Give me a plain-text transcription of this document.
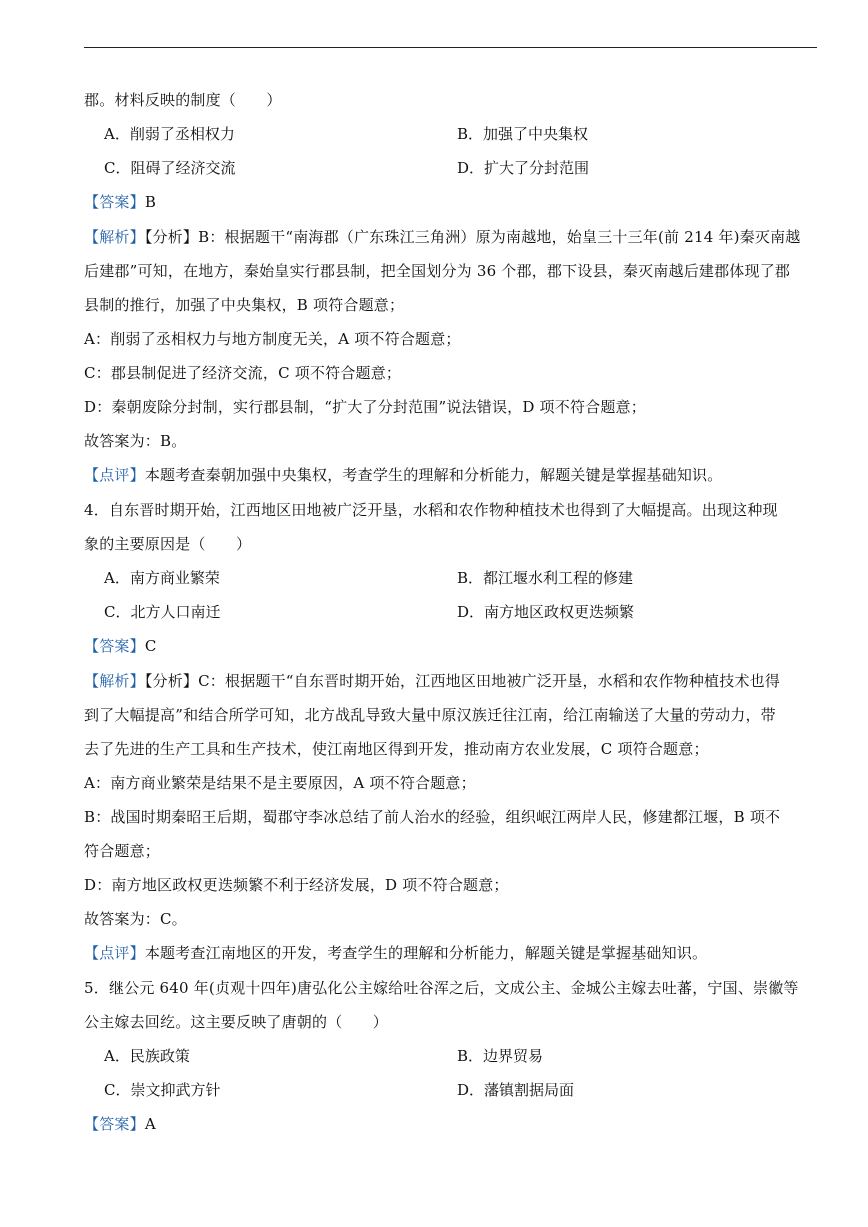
郡。材料反映的制度（　　）
A．削弱了丞相权力	B．加强了中央集权
C．阻碍了经济交流	D．扩大了分封范围
【答案】B
【解析】【分析】B：根据题干“南海郡（广东珠江三角洲）原为南越地，始皇三十三年(前 214 年)秦灭南越
后建郡”可知，在地方，秦始皇实行郡县制，把全国划分为 36 个郡，郡下设县，秦灭南越后建郡体现了郡
县制的推行，加强了中央集权，B 项符合题意；
A：削弱了丞相权力与地方制度无关，A 项不符合题意；
C：郡县制促进了经济交流，C 项不符合题意；
D：秦朝废除分封制，实行郡县制，“扩大了分封范围”说法错误，D 项不符合题意；
故答案为：B。
【点评】本题考查秦朝加强中央集权，考查学生的理解和分析能力，解题关键是掌握基础知识。
4．自东晋时期开始，江西地区田地被广泛开垦，水稻和农作物种植技术也得到了大幅提高。出现这种现
象的主要原因是（　　）
A．南方商业繁荣	B．都江堰水利工程的修建
C．北方人口南迁	D．南方地区政权更迭频繁
【答案】C
【解析】【分析】C：根据题干“自东晋时期开始，江西地区田地被广泛开垦，水稻和农作物种植技术也得
到了大幅提高”和结合所学可知，北方战乱导致大量中原汉族迁往江南，给江南输送了大量的劳动力，带
去了先进的生产工具和生产技术，使江南地区得到开发，推动南方农业发展，C 项符合题意；
A：南方商业繁荣是结果不是主要原因，A 项不符合题意；
B：战国时期秦昭王后期，蜀郡守李冰总结了前人治水的经验，组织岷江两岸人民，修建都江堰，B 项不
符合题意；
D：南方地区政权更迭频繁不利于经济发展，D 项不符合题意；
故答案为：C。
【点评】本题考查江南地区的开发，考查学生的理解和分析能力，解题关键是掌握基础知识。
5．继公元 640 年(贞观十四年)唐弘化公主嫁给吐谷浑之后，文成公主、金城公主嫁去吐蕃，宁国、崇徽等
公主嫁去回纥。这主要反映了唐朝的（　　）
A．民族政策	B．边界贸易
C．崇文抑武方针	D．藩镇割据局面
【答案】A
